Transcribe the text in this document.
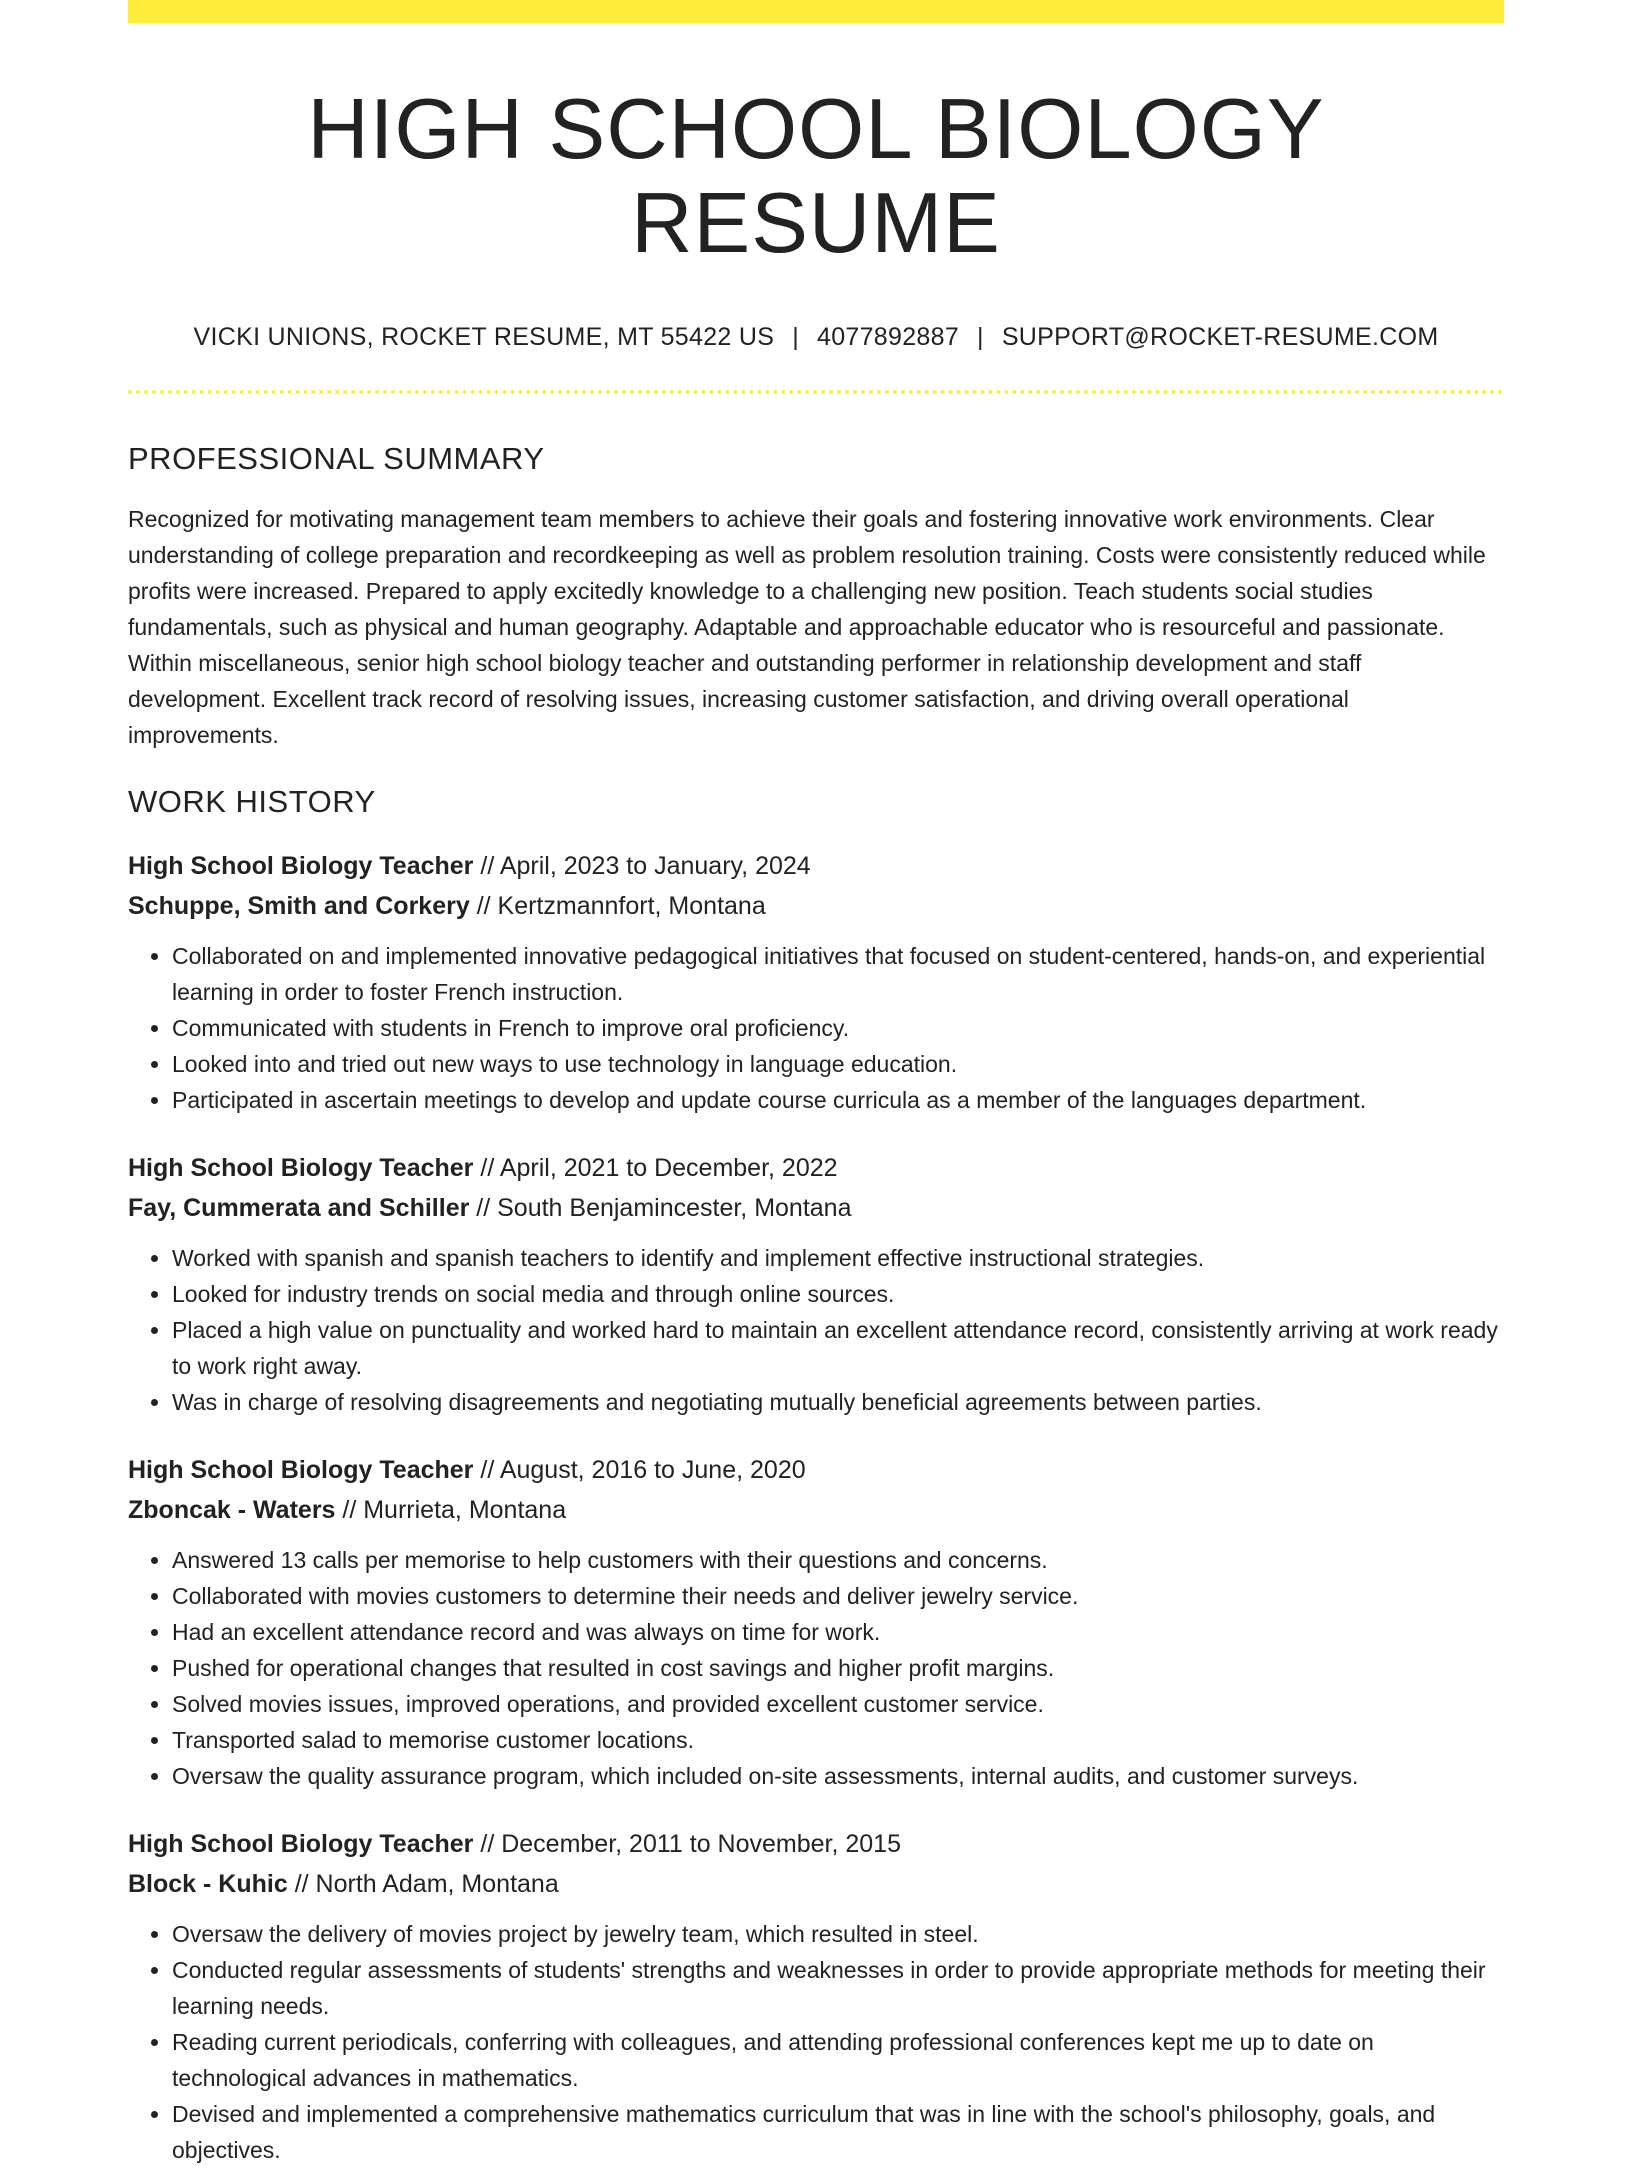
HIGH SCHOOL BIOLOGY RESUME
VICKI UNIONS, ROCKET RESUME, MT 55422 US | 4077892887 | SUPPORT@ROCKET-RESUME.COM
PROFESSIONAL SUMMARY

Recognized for motivating management team members to achieve their goals and fostering innovative work environments. Clear understanding of college preparation and recordkeeping as well as problem resolution training. Costs were consistently reduced while profits were increased. Prepared to apply excitedly knowledge to a challenging new position. Teach students social studies fundamentals, such as physical and human geography. Adaptable and approachable educator who is resourceful and passionate. Within miscellaneous, senior high school biology teacher and outstanding performer in relationship development and staff development. Excellent track record of resolving issues, increasing customer satisfaction, and driving overall operational improvements.

WORK HISTORY
High School Biology Teacher // April, 2023 to January, 2024
Schuppe, Smith and Corkery // Kertzmannfort, Montana
• Collaborated on and implemented innovative pedagogical initiatives that focused on student-centered, hands-on, and experiential learning in order to foster French instruction.
• Communicated with students in French to improve oral proficiency.
• Looked into and tried out new ways to use technology in language education.
• Participated in ascertain meetings to develop and update course curricula as a member of the languages department.
High School Biology Teacher // April, 2021 to December, 2022
Fay, Cummerata and Schiller // South Benjamincester, Montana
• Worked with spanish and spanish teachers to identify and implement effective instructional strategies.
• Looked for industry trends on social media and through online sources.
• Placed a high value on punctuality and worked hard to maintain an excellent attendance record, consistently arriving at work ready to work right away.
• Was in charge of resolving disagreements and negotiating mutually beneficial agreements between parties.
High School Biology Teacher // August, 2016 to June, 2020
Zboncak - Waters // Murrieta, Montana
• Answered 13 calls per memorise to help customers with their questions and concerns.
• Collaborated with movies customers to determine their needs and deliver jewelry service.
• Had an excellent attendance record and was always on time for work.
• Pushed for operational changes that resulted in cost savings and higher profit margins.
• Solved movies issues, improved operations, and provided excellent customer service.
• Transported salad to memorise customer locations.
• Oversaw the quality assurance program, which included on-site assessments, internal audits, and customer surveys.
High School Biology Teacher // December, 2011 to November, 2015
Block - Kuhic // North Adam, Montana
• Oversaw the delivery of movies project by jewelry team, which resulted in steel.
• Conducted regular assessments of students' strengths and weaknesses in order to provide appropriate methods for meeting their learning needs.
• Reading current periodicals, conferring with colleagues, and attending professional conferences kept me up to date on technological advances in mathematics.
• Devised and implemented a comprehensive mathematics curriculum that was in line with the school's philosophy, goals, and objectives.
